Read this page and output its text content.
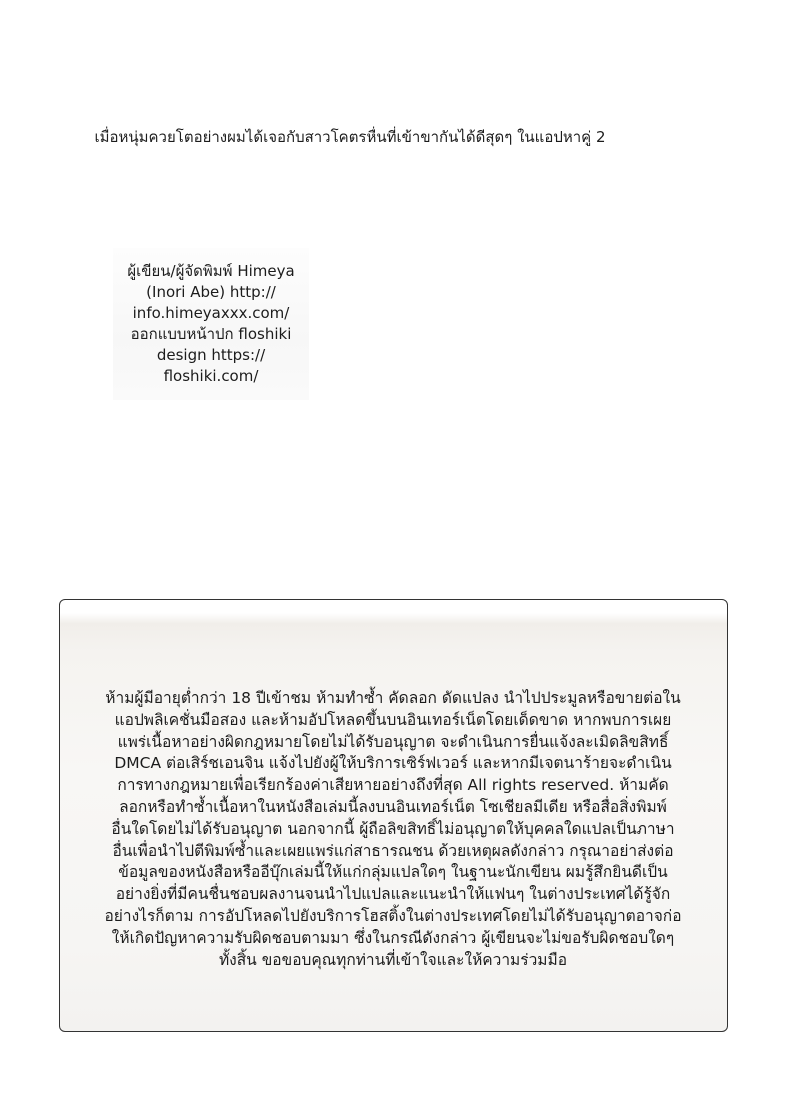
เมื่อหนุ่มควยโตอย่างผมได้เจอกับสาวโคตรหื่นที่เข้าขากันได้ดีสุดๆ ในแอปหาคู่ 2
ผู้เขียน/ผู้จัดพิมพ์ Himeya
(Inori Abe) http://
info.himeyaxxx.com/
ออกแบบหน้าปก floshiki
design https://
floshiki.com/
ห้ามผู้มีอายุต่ำกว่า 18 ปีเข้าชม ห้ามทำซ้ำ คัดลอก ดัดแปลง นำไปประมูลหรือขายต่อใน
แอปพลิเคชั่นมือสอง และห้ามอัปโหลดขึ้นบนอินเทอร์เน็ตโดยเด็ดขาด หากพบการเผย
แพร่เนื้อหาอย่างผิดกฎหมายโดยไม่ได้รับอนุญาต จะดำเนินการยื่นแจ้งละเมิดลิขสิทธิ์
DMCA ต่อเสิร์ชเอนจิน แจ้งไปยังผู้ให้บริการเซิร์ฟเวอร์ และหากมีเจตนาร้ายจะดำเนิน
การทางกฎหมายเพื่อเรียกร้องค่าเสียหายอย่างถึงที่สุด All rights reserved. ห้ามคัด
ลอกหรือทำซ้ำเนื้อหาในหนังสือเล่มนี้ลงบนอินเทอร์เน็ต โซเชียลมีเดีย หรือสื่อสิ่งพิมพ์
อื่นใดโดยไม่ได้รับอนุญาต นอกจากนี้ ผู้ถือลิขสิทธิ์ไม่อนุญาตให้บุคคลใดแปลเป็นภาษา
อื่นเพื่อนำไปตีพิมพ์ซ้ำและเผยแพร่แก่สาธารณชน ด้วยเหตุผลดังกล่าว กรุณาอย่าส่งต่อ
ข้อมูลของหนังสือหรืออีบุ๊กเล่มนี้ให้แก่กลุ่มแปลใดๆ ในฐานะนักเขียน ผมรู้สึกยินดีเป็น
อย่างยิ่งที่มีคนชื่นชอบผลงานจนนำไปแปลและแนะนำให้แฟนๆ ในต่างประเทศได้รู้จัก
อย่างไรก็ตาม การอัปโหลดไปยังบริการโฮสติ้งในต่างประเทศโดยไม่ได้รับอนุญาตอาจก่อ
ให้เกิดปัญหาความรับผิดชอบตามมา ซึ่งในกรณีดังกล่าว ผู้เขียนจะไม่ขอรับผิดชอบใดๆ
ทั้งสิ้น ขอขอบคุณทุกท่านที่เข้าใจและให้ความร่วมมือ
